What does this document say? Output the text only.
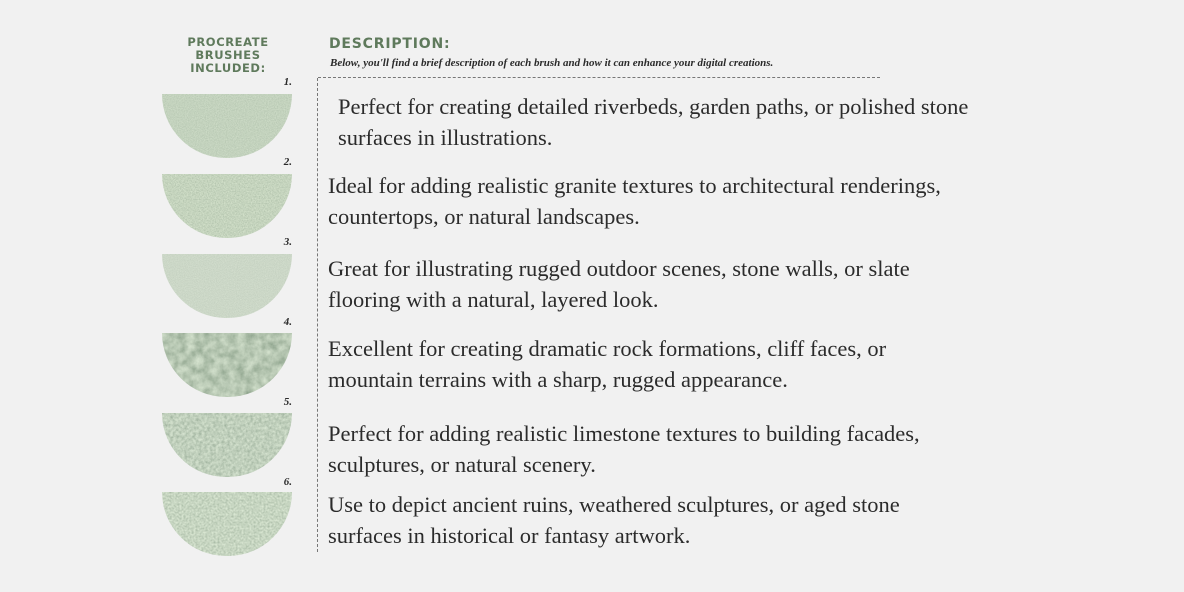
PROCREATE
BRUSHES INCLUDED:
DESCRIPTION:
Below, you'll find a brief description of each brush and how it can enhance your digital creations.
1.
Perfect for creating detailed riverbeds, garden paths, or polished stone
surfaces in illustrations.
2.
Ideal for adding realistic granite textures to architectural renderings,
countertops, or natural landscapes.
3.
Great for illustrating rugged outdoor scenes, stone walls, or slate
flooring with a natural, layered look.
4.
Excellent for creating dramatic rock formations, cliff faces, or
mountain terrains with a sharp, rugged appearance.
5.
Perfect for adding realistic limestone textures to building facades,
sculptures, or natural scenery.
6.
Use to depict ancient ruins, weathered sculptures, or aged stone
surfaces in historical or fantasy artwork.
